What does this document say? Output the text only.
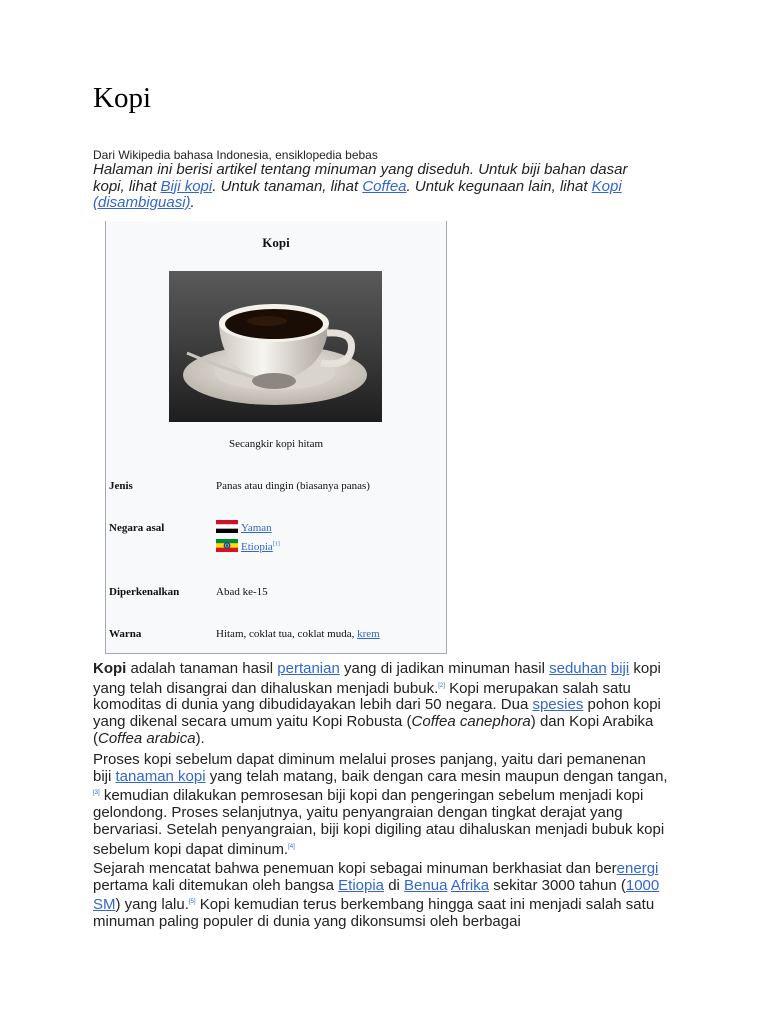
Kopi
Dari Wikipedia bahasa Indonesia, ensiklopedia bebas
Halaman ini berisi artikel tentang minuman yang diseduh. Untuk biji bahan dasar kopi, lihat Biji kopi. Untuk tanaman, lihat Coffea. Untuk kegunaan lain, lihat Kopi (disambiguasi).
Kopi
Secangkir kopi hitam
Jenis	Panas atau dingin (biasanya panas)
Negara asal	Yaman
Etiopia[1]
Diperkenalkan	Abad ke-15
Warna	Hitam, coklat tua, coklat muda, krem

Kopi adalah tanaman hasil pertanian yang di jadikan minuman hasil seduhan biji kopi yang telah disangrai dan dihaluskan menjadi bubuk.[2] Kopi merupakan salah satu komoditas di dunia yang dibudidayakan lebih dari 50 negara. Dua spesies pohon kopi yang dikenal secara umum yaitu Kopi Robusta (Coffea canephora) dan Kopi Arabika (Coffea arabica).

Proses kopi sebelum dapat diminum melalui proses panjang, yaitu dari pemanenan biji tanaman kopi yang telah matang, baik dengan cara mesin maupun dengan tangan,[3] kemudian dilakukan pemrosesan biji kopi dan pengeringan sebelum menjadi kopi gelondong. Proses selanjutnya, yaitu penyangraian dengan tingkat derajat yang bervariasi. Setelah penyangraian, biji kopi digiling atau dihaluskan menjadi bubuk kopi sebelum kopi dapat diminum.[4]

Sejarah mencatat bahwa penemuan kopi sebagai minuman berkhasiat dan berenergi pertama kali ditemukan oleh bangsa Etiopia di Benua Afrika sekitar 3000 tahun (1000 SM) yang lalu.[5] Kopi kemudian terus berkembang hingga saat ini menjadi salah satu minuman paling populer di dunia yang dikonsumsi oleh berbagai
